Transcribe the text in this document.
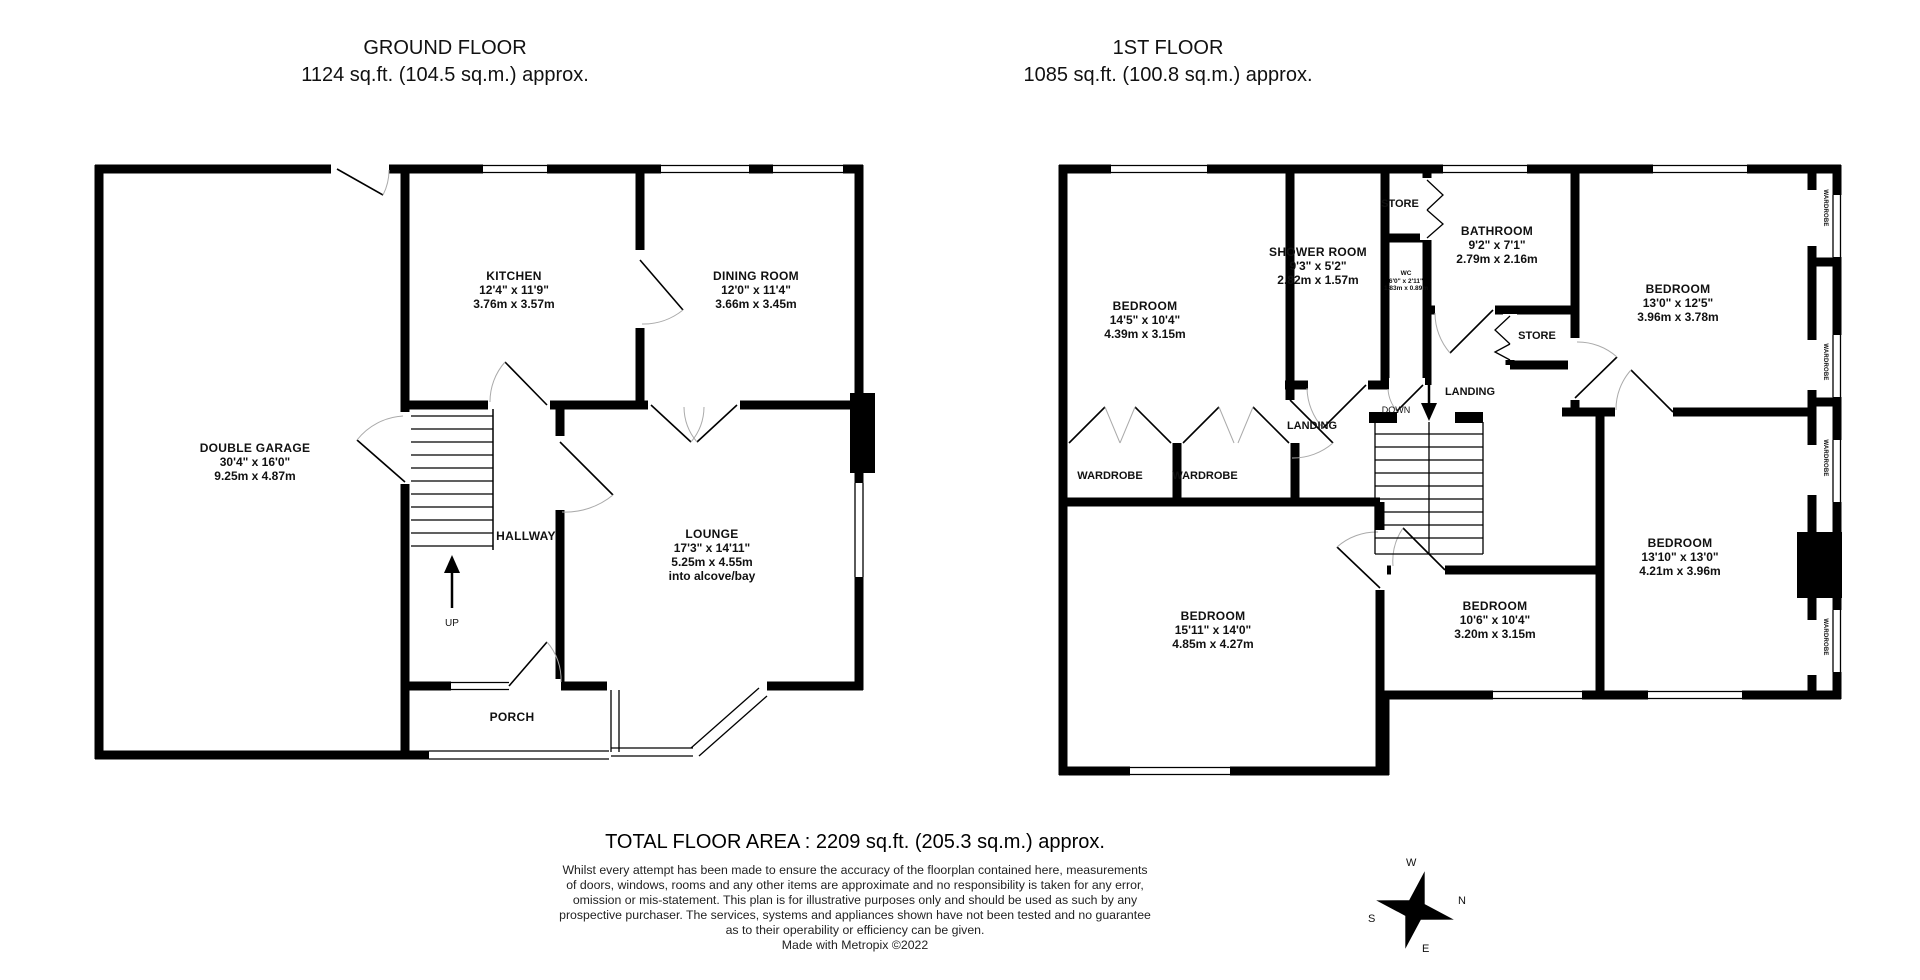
GROUND FLOOR
1124 sq.ft. (104.5 sq.m.) approx.
1ST FLOOR
1085 sq.ft. (100.8 sq.m.) approx.
DOUBLE GARAGE
30'4" x 16'0"
9.25m x 4.87m
KITCHEN
12'4" x 11'9"
3.76m x 3.57m
DINING ROOM
12'0" x 11'4"
3.66m x 3.45m
LOUNGE
17'3" x 14'11"
5.25m x 4.55m
into alcove/bay
HALLWAY
PORCH
UP
BEDROOM
14'5" x 10'4"
4.39m x 3.15m
SHOWER ROOM
9'3" x 5'2"
2.82m x 1.57m
BATHROOM
9'2" x 7'1"
2.79m x 2.16m
WC
6'0" x 2'11"
1.83m x 0.89m	BEDROOM
13'0" x 12'5"
3.96m x 3.78m
BEDROOM
15'11" x 14'0"
4.85m x 4.27m
BEDROOM
10'6" x 10'4"
3.20m x 3.15m
BEDROOM
13'10" x 13'0"
4.21m x 3.96m
STORE
STORE
LANDING
LANDING
DOWN
WARDROBE	WARDROBE
WARDROBE
WARDROBE
WARDROBE
WARDROBE
TOTAL FLOOR AREA : 2209 sq.ft. (205.3 sq.m.) approx.
Whilst every attempt has been made to ensure the accuracy of the floorplan contained here, measurements
of doors, windows, rooms and any other items are approximate and no responsibility is taken for any error,
omission or mis-statement. This plan is for illustrative purposes only and should be used as such by any
prospective purchaser. The services, systems and appliances shown have not been tested and no guarantee
as to their operability or efficiency can be given.
Made with Metropix ©2022
W
N
S
E
